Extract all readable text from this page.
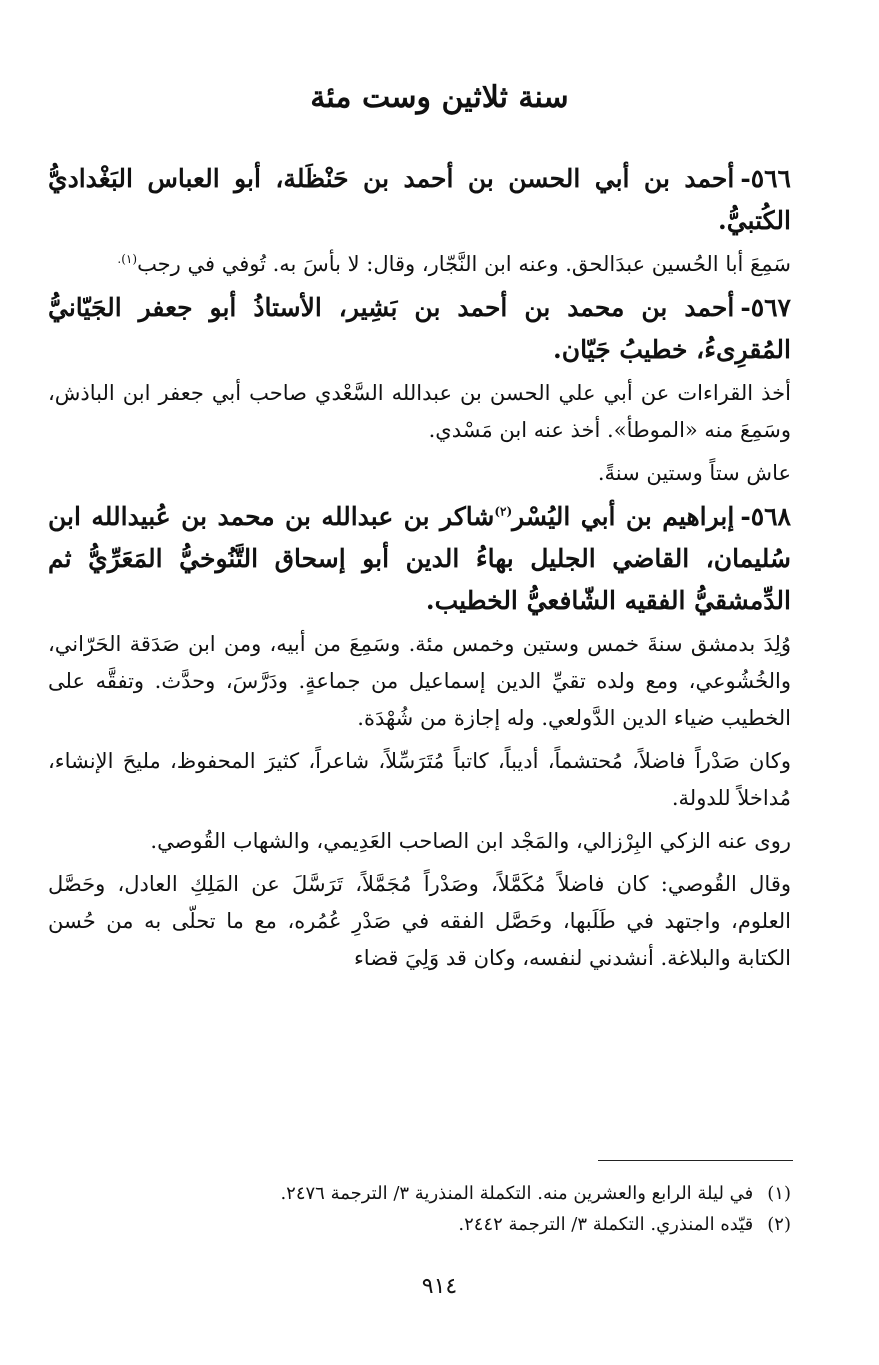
سنة ثلاثين وست مئة

٥٦٦-أحمد بن أبي الحسن بن أحمد بن حَنْظَلة، أبو العباس البَغْداديُّ الكُتبيُّ.

سَمِعَ أبا الحُسين عبدَالحق. وعنه ابن النَّجّار، وقال: لا بأسَ به. تُوفي في رجب$^{(١).}$

٥٦٧-أحمد بن محمد بن أحمد بن بَشِير، الأستاذُ أبو جعفر الجَيّانيُّ المُقرِىءُ، خطيبُ جَيّان.

أخذ القراءات عن أبي علي الحسن بن عبدالله السَّعْدي صاحب أبي جعفر ابن الباذش، وسَمِعَ منه «الموطأ». أخذ عنه ابن مَسْدي.

عاش ستاً وستين سنةً.

٥٦٨-إبراهيم بن أبي اليُسْر$^{(٢)}$شاكر بن عبدالله بن محمد بن عُبيدالله ابن سُليمان، القاضي الجليل بهاءُ الدين أبو إسحاق التَّنُوخيُّ المَعَرِّيُّ ثم الدِّمشقيُّ الفقيه الشّافعيُّ الخطيب.

وُلِدَ بدمشق سنةَ خمس وستين وخمس مئة. وسَمِعَ من أبيه، ومن ابن صَدَقة الحَرّاني، والخُشُوعي، ومع ولده تقيِّ الدين إسماعيل من جماعةٍ. ودَرَّسَ، وحدَّث. وتفقَّه على الخطيب ضياء الدين الدَّولعي. وله إجازة من شُهْدَة.

وكان صَدْراً فاضلاً، مُحتشماً، أديباً، كاتباً مُتَرَسِّلاً، شاعراً، كثيرَ المحفوظ، مليحَ الإنشاء، مُداخلاً للدولة.

روى عنه الزكي البِرْزالي، والمَجْد ابن الصاحب العَدِيمي، والشهاب القُوصي.

وقال القُوصي: كان فاضلاً مُكَمَّلاً، وصَدْراً مُجَمَّلاً، تَرَسَّلَ عن المَلِكِ العادل، وحَصَّل العلوم، واجتهد في طَلَبها، وحَصَّل الفقه في صَدْرِ عُمُره، مع ما تحلّى به من حُسن الكتابة والبلاغة. أنشدني لنفسه، وكان قد وَلِيَ قضاء

(١)في ليلة الرابع والعشرين منه. التكملة المنذرية ٣/ الترجمة ٢٤٧٦.

(٢)قيّده المنذري. التكملة ٣/ الترجمة ٢٤٤٢.

٩١٤
